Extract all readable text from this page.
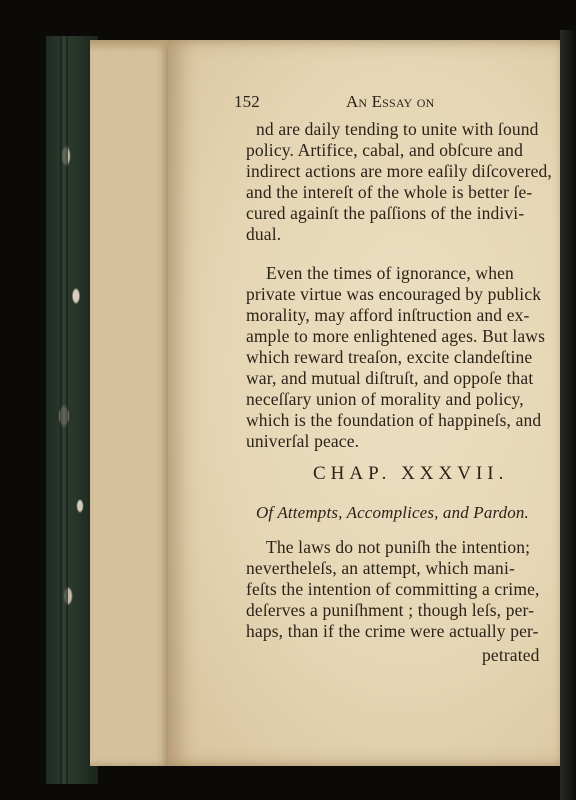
152	An Essay on
nd are daily tending to unite with ſound
policy. Artifice, cabal, and obſcure and
indirect actions are more eaſily diſcovered,
and the intereſt of the whole is better ſe-
cured againſt the paſſions of the indivi-
dual.
Even the times of ignorance, when
private virtue was encouraged by publick
morality, may afford inſtruction and ex-
ample to more enlightened ages. But laws
which reward treaſon, excite clandeſtine
war, and mutual diſtruſt, and oppoſe that
neceſſary union of morality and policy,
which is the foundation of happineſs, and
univerſal peace.
CHAP. XXXVII.
Of Attempts, Accomplices, and Pardon.
The laws do not puniſh the intention;
nevertheleſs, an attempt, which mani-
feſts the intention of committing a crime,
deſerves a puniſhment ; though leſs, per-
haps, than if the crime were actually per-
petrated
